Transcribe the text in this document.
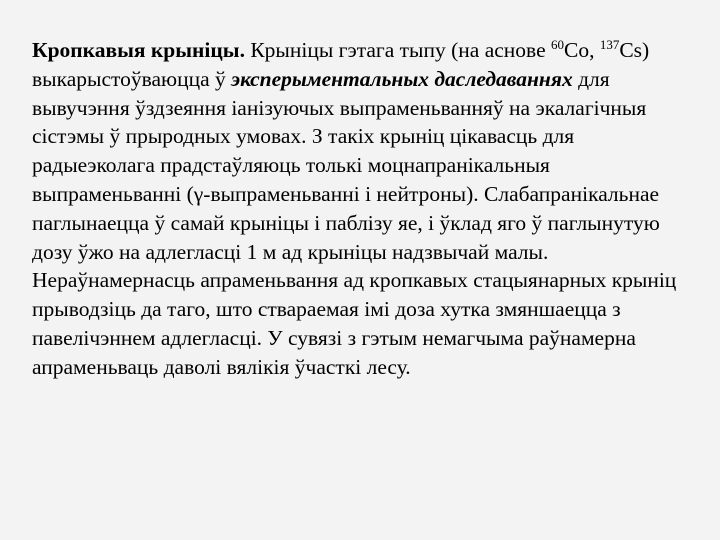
Кропкавыя крыніцы. Крыніцы гэтага тыпу (на аснове $^{60}$Co, $^{137}$Cs) выкарыстоўваюцца ў эксперыментальных даследаваннях для вывучэння ўздзеяння іанізуючых выпраменьванняў на экалагічныя сістэмы ў прыродных умовах. З такіх крыніц цікавасць для радыеэколага прадстаўляюць толькі моцнапранікальныя выпраменьванні (γ-выпраменьванні і нейтроны). Слабапранікальнае паглынаецца ў самай крыніцы і паблізу яе, і ўклад яго ў паглынутую дозу ўжо на адлегласці 1 м ад крыніцы надзвычай малы. Нераўнамернасць апраменьвання ад кропкавых стацыянарных крыніц прыводзіць да таго, што ствараемая імі доза хутка змяншаецца з павелічэннем адлегласці. У сувязі з гэтым немагчыма раўнамерна апраменьваць даволі вялікія ўчасткі лесу.
